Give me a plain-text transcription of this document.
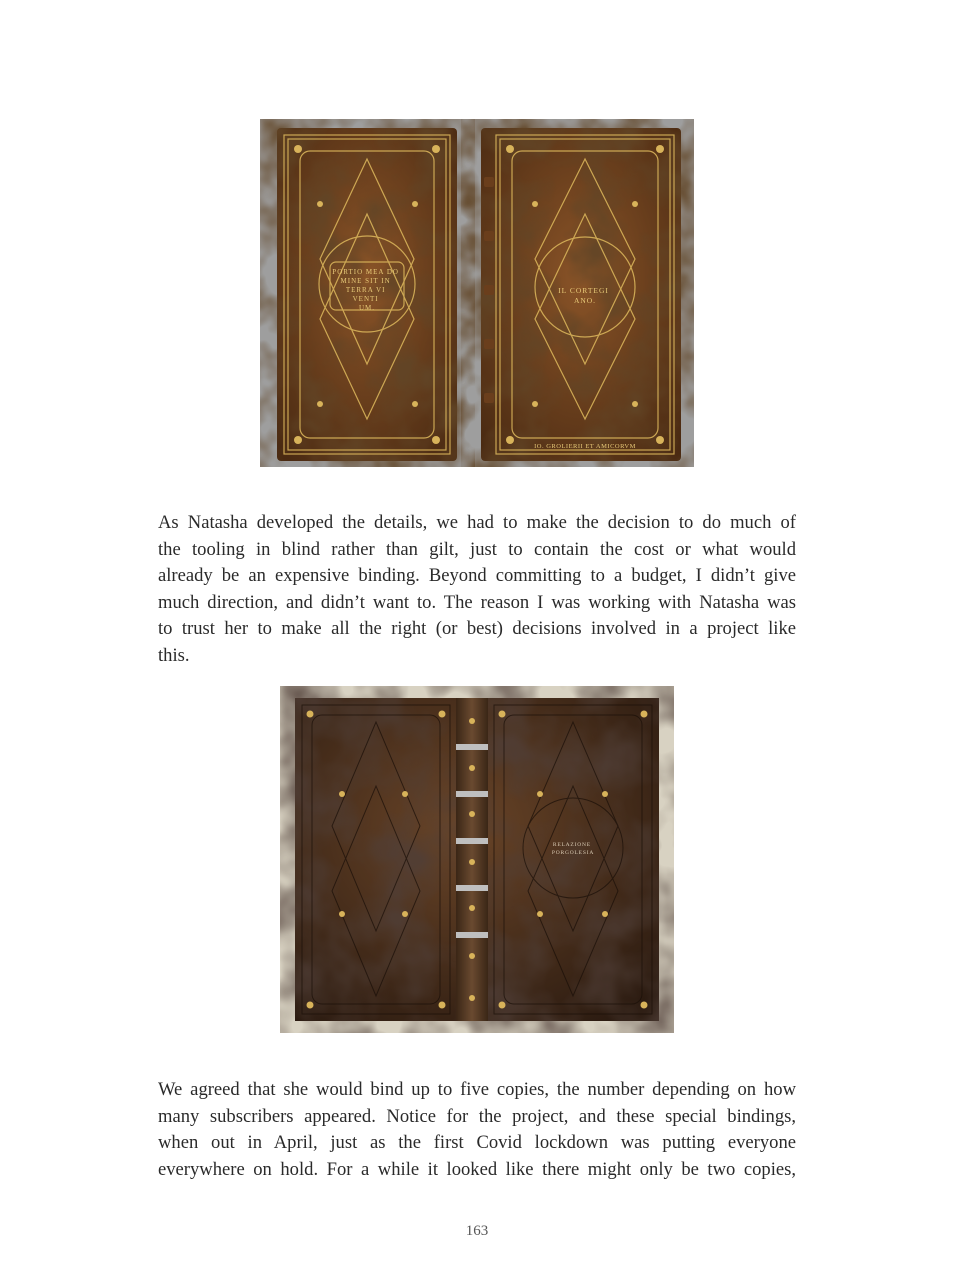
PORTIO MEA DO MINE SIT IN TERRA VI VENTI UM.
IL CORTEGI ANO.
IO. GROLIERII ET AMICORVM

As Natasha developed the details, we had to make the decision to do much of
the tooling in blind rather than gilt, just to contain the cost or what would
already be an expensive binding. Beyond committing to a budget, I didn’t give
much direction, and didn’t want to. The reason I was working with Natasha was
to trust her to make all the right (or best) decisions involved in a project like
this.

RELAZIONE PORGOLESIA

We agreed that she would bind up to five copies, the number depending on how
many subscribers appeared. Notice for the project, and these special bindings,
when out in April, just as the first Covid lockdown was putting everyone
everywhere on hold. For a while it looked like there might only be two copies,

163
